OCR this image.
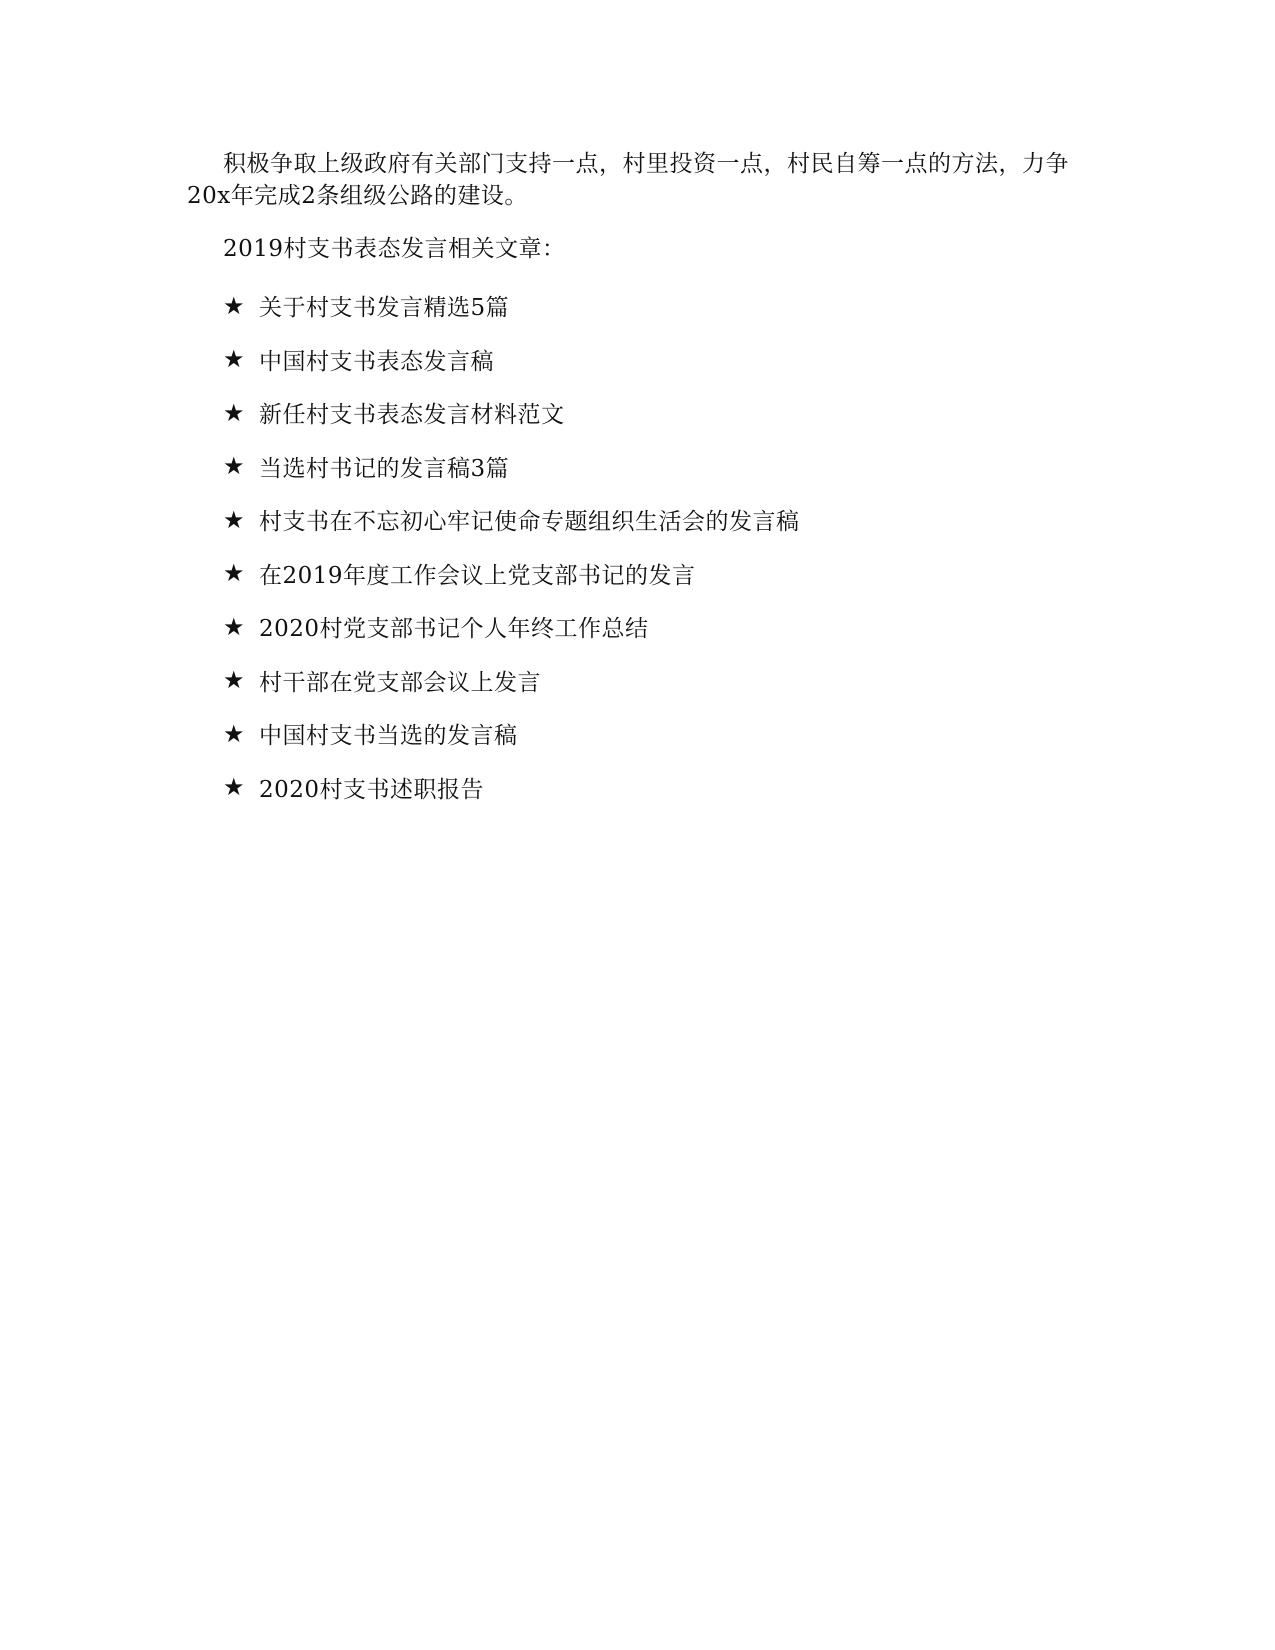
积极争取上级政府有关部门支持一点，村里投资一点，村民自筹一点的方法，力争20x年完成2条组级公路的建设。

2019村支书表态发言相关文章：

★ 关于村支书发言精选5篇
★ 中国村支书表态发言稿
★ 新任村支书表态发言材料范文
★ 当选村书记的发言稿3篇
★ 村支书在不忘初心牢记使命专题组织生活会的发言稿
★ 在2019年度工作会议上党支部书记的发言
★ 2020村党支部书记个人年终工作总结
★ 村干部在党支部会议上发言
★ 中国村支书当选的发言稿
★ 2020村支书述职报告
